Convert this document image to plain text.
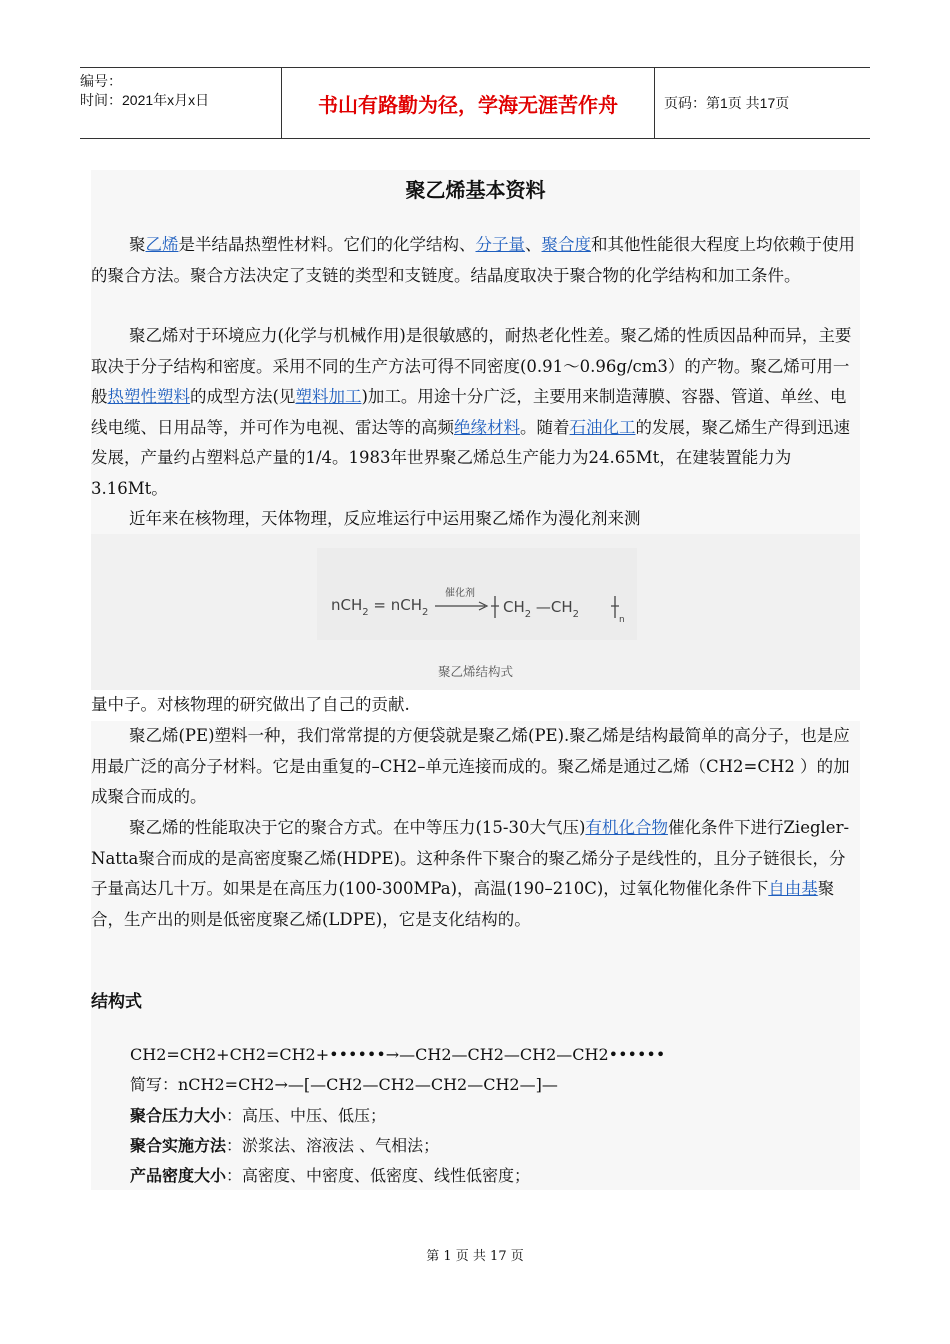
编号：
时间：2021年x月x日	书山有路勤为径，学海无涯苦作舟	页码：第1页 共17页
聚乙烯基本资料

聚乙烯是半结晶热塑性材料。它们的化学结构、分子量、聚合度和其他性能很大程度上均依赖于使用的聚合方法。聚合方法决定了支链的类型和支链度。结晶度取决于聚合物的化学结构和加工条件。

聚乙烯对于环境应力(化学与机械作用)是很敏感的，耐热老化性差。聚乙烯的性质因品种而异，主要取决于分子结构和密度。采用不同的生产方法可得不同密度(0.91～0.96g/cm3）的产物。聚乙烯可用一般热塑性塑料的成型方法(见塑料加工)加工。用途十分广泛，主要用来制造薄膜、容器、管道、单丝、电线电缆、日用品等，并可作为电视、雷达等的高频绝缘材料。随着石油化工的发展，聚乙烯生产得到迅速发展，产量约占塑料总产量的1/4。1983年世界聚乙烯总生产能力为24.65Mt，在建装置能力为3.16Mt。

近年来在核物理，天体物理，反应堆运行中运用聚乙烯作为漫化剂来测

nCH$_2$ = nCH$_2$
催化剂
$CH_2$ $—CH_2$	n
聚乙烯结构式

量中子。对核物理的研究做出了自己的贡献.

聚乙烯(PE)塑料一种，我们常常提的方便袋就是聚乙烯(PE).聚乙烯是结构最简单的高分子，也是应用最广泛的高分子材料。它是由重复的–CH2–单元连接而成的。聚乙烯是通过乙烯（CH2=CH2 ）的加成聚合而成的。

聚乙烯的性能取决于它的聚合方式。在中等压力(15-30大气压)有机化合物催化条件下进行Ziegler-Natta聚合而成的是高密度聚乙烯(HDPE)。这种条件下聚合的聚乙烯分子是线性的，且分子链很长，分子量高达几十万。如果是在高压力(100-300MPa)，高温(190–210C)，过氧化物催化条件下自由基聚合，生产出的则是低密度聚乙烯(LDPE)，它是支化结构的。

结构式
CH2=CH2+CH2=CH2+••••••→—CH2—CH2—CH2—CH2••••••
简写：nCH2=CH2→—[—CH2—CH2—CH2—CH2—]—
聚合压力大小：高压、中压、低压；
聚合实施方法：淤浆法、溶液法 、气相法；
产品密度大小：高密度、中密度、低密度、线性低密度；
第 1 页 共 17 页
